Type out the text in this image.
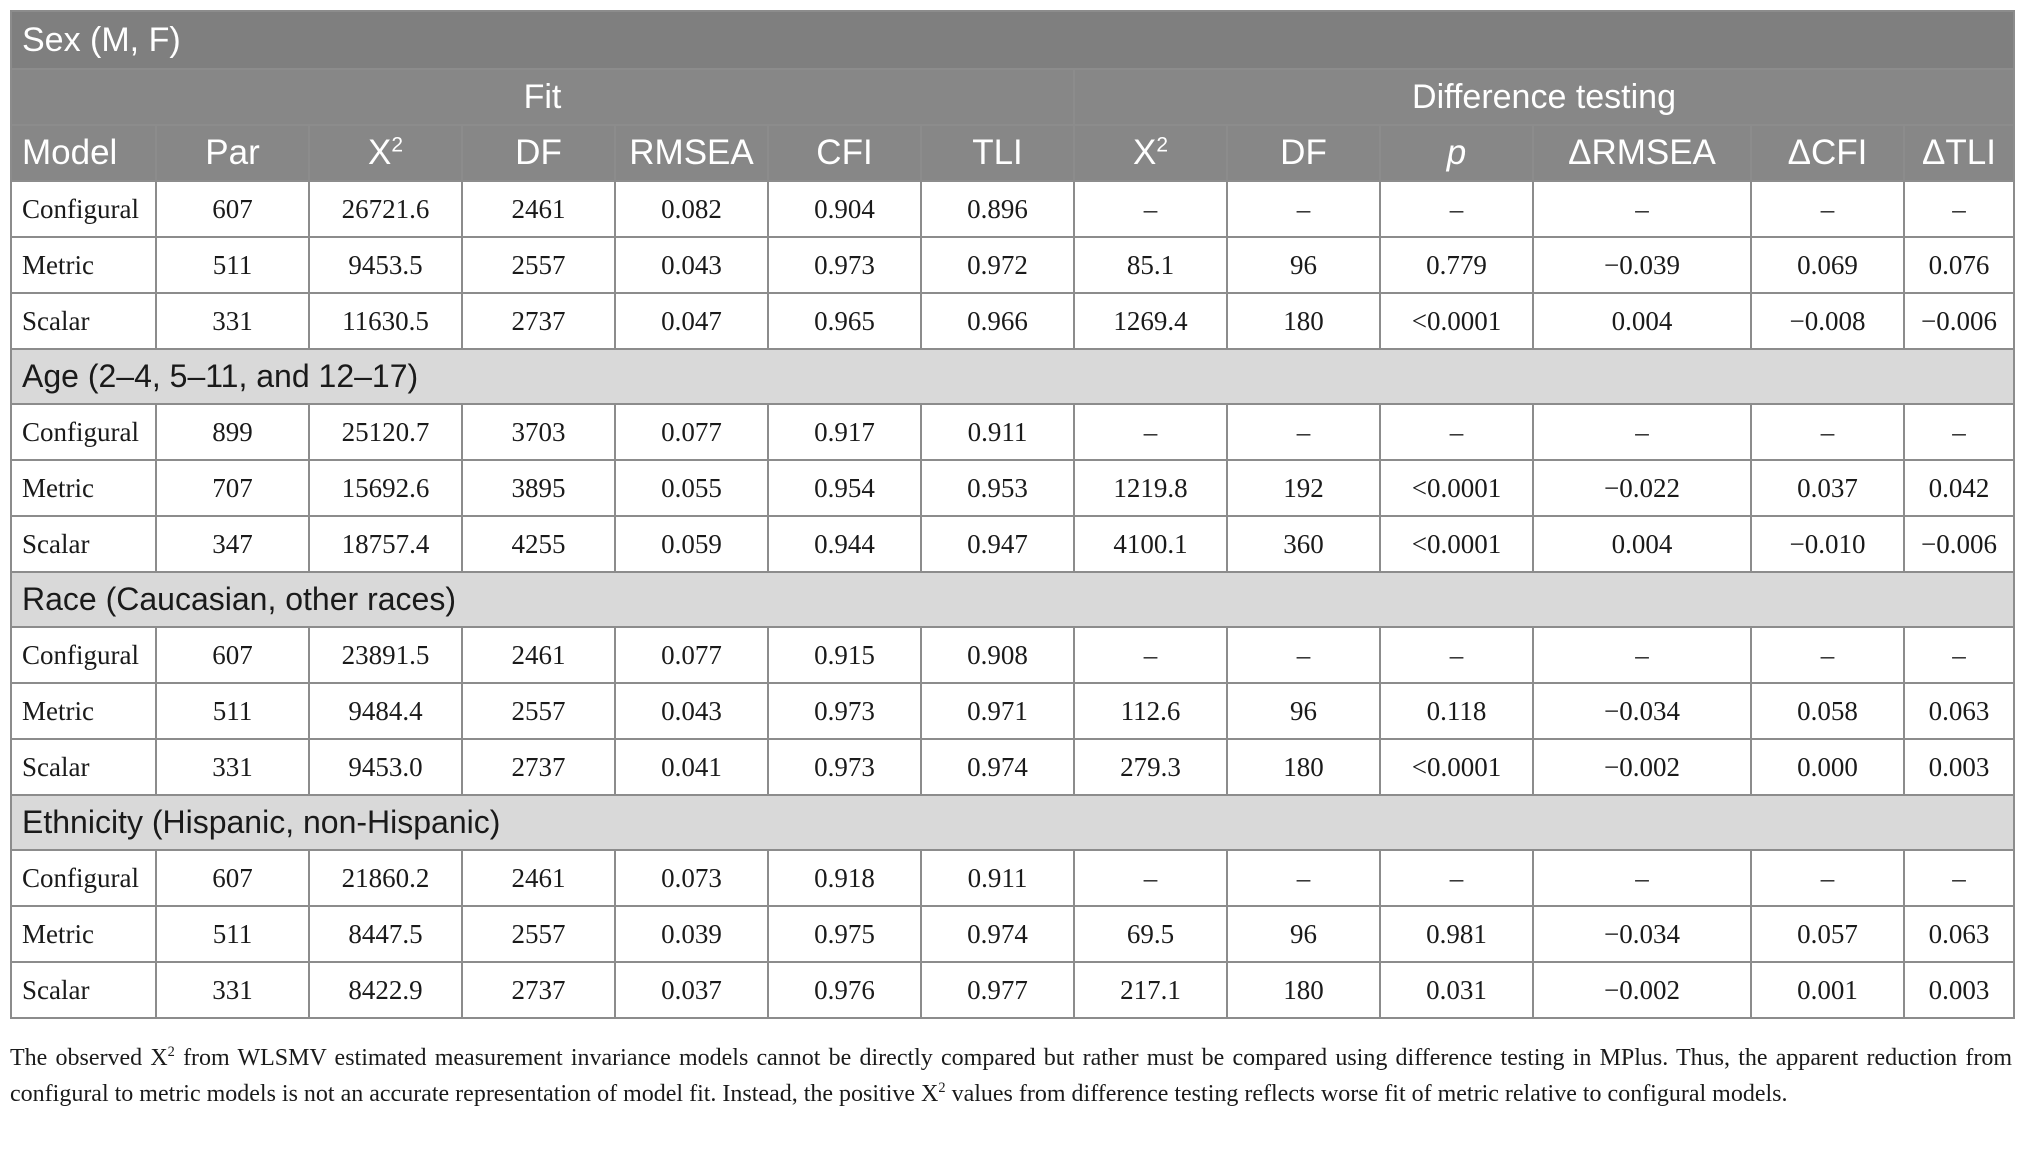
Sex (M, F)												
Fit							Difference testing					
Model	Par	$X^2$	DF	RMSEA	CFI	TLI	$X^2$	DF	p	ΔRMSEA	ΔCFI	ΔTLI
Configural	607	26721.6	2461	0.082	0.904	0.896	–	–	–	–	–	–
Metric	511	9453.5	2557	0.043	0.973	0.972	85.1	96	0.779	−0.039	0.069	0.076
Scalar	331	11630.5	2737	0.047	0.965	0.966	1269.4	180	<0.0001	0.004	−0.008	−0.006
Age (2–4, 5–11, and 12–17)												
Configural	899	25120.7	3703	0.077	0.917	0.911	–	–	–	–	–	–
Metric	707	15692.6	3895	0.055	0.954	0.953	1219.8	192	<0.0001	−0.022	0.037	0.042
Scalar	347	18757.4	4255	0.059	0.944	0.947	4100.1	360	<0.0001	0.004	−0.010	−0.006
Race (Caucasian, other races)												
Configural	607	23891.5	2461	0.077	0.915	0.908	–	–	–	–	–	–
Metric	511	9484.4	2557	0.043	0.973	0.971	112.6	96	0.118	−0.034	0.058	0.063
Scalar	331	9453.0	2737	0.041	0.973	0.974	279.3	180	<0.0001	−0.002	0.000	0.003
Ethnicity (Hispanic, non-Hispanic)												
Configural	607	21860.2	2461	0.073	0.918	0.911	–	–	–	–	–	–
Metric	511	8447.5	2557	0.039	0.975	0.974	69.5	96	0.981	−0.034	0.057	0.063
Scalar	331	8422.9	2737	0.037	0.976	0.977	217.1	180	0.031	−0.002	0.001	0.003
The observed $X^2$ from WLSMV estimated measurement invariance models cannot be directly compared but rather must be compared using difference testing in MPlus. Thus, the apparent reduction from configural to metric models is not an accurate representation of model fit. Instead, the positive $X^2$ values from difference testing reflects worse fit of metric relative to configural models.
